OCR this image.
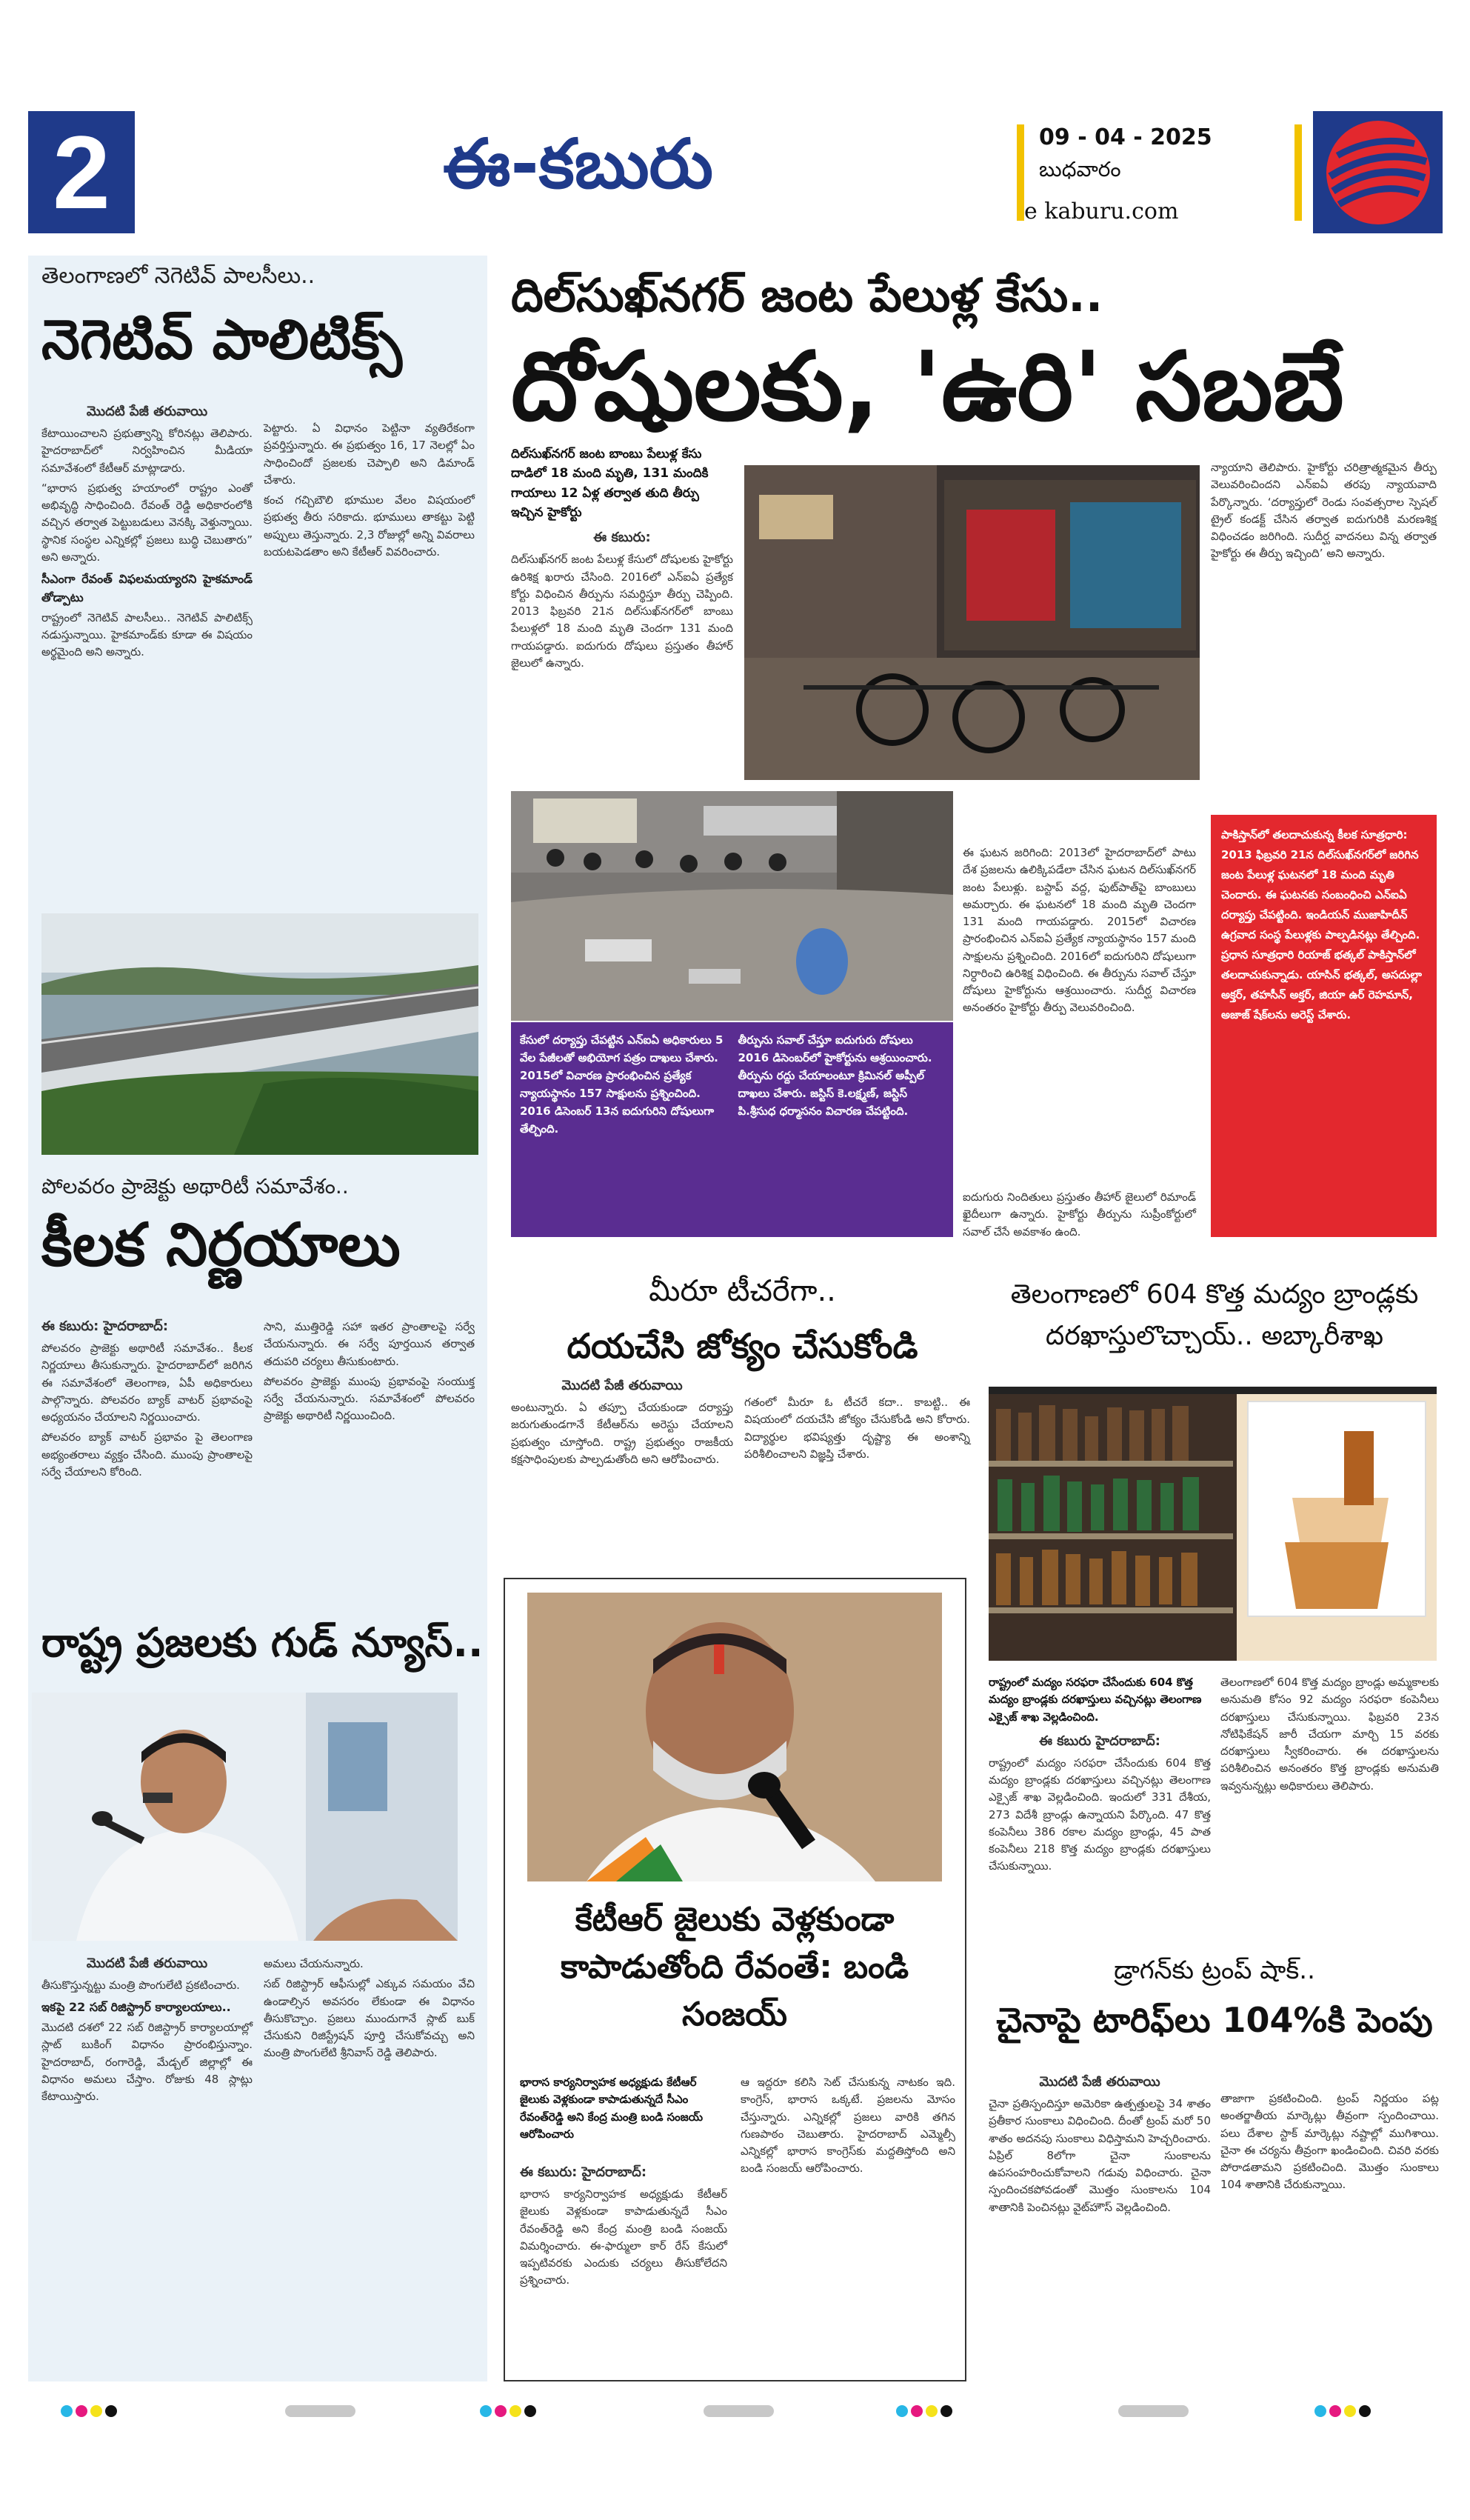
2	ఈ-కబురు	09 - 04 - 2025
బుధవారం
e kaburu.com
తెలంగాణలో నెగెటివ్ పాలసీలు..
నెగెటివ్ పాలిటిక్స్
మొదటి పేజీ తరువాయి

కేటాయించాలని ప్రభుత్వాన్ని కోరినట్లు తెలిపారు. హైదరాబాద్‌లో నిర్వహించిన మీడియా సమావేశంలో కేటీఆర్ మాట్లాడారు.

“భారాస ప్రభుత్వ హయాంలో రాష్ట్రం ఎంతో అభివృద్ధి సాధించింది. రేవంత్ రెడ్డి అధికారంలోకి వచ్చిన తర్వాత పెట్టుబడులు వెనక్కి వెళ్తున్నాయి. స్థానిక సంస్థల ఎన్నికల్లో ప్రజలు బుద్ధి చెబుతారు” అని అన్నారు.

సీఎంగా రేవంత్ విఫలమయ్యారని హైకమాండ్ తోడ్పాటు

రాష్ట్రంలో నెగెటివ్ పాలసీలు.. నెగెటివ్ పాలిటిక్స్ నడుస్తున్నాయి. హైకమాండ్‌కు కూడా ఈ విషయం అర్థమైంది అని అన్నారు.

పెట్టారు. ఏ విధానం పెట్టినా వ్యతిరేకంగా ప్రవర్తిస్తున్నారు. ఈ ప్రభుత్వం 16, 17 నెలల్లో ఏం సాధించిందో ప్రజలకు చెప్పాలి అని డిమాండ్ చేశారు.

కంచ గచ్చిబౌలి భూముల వేలం విషయంలో ప్రభుత్వ తీరు సరికాదు. భూములు తాకట్టు పెట్టి అప్పులు తెస్తున్నారు. 2,3 రోజుల్లో అన్ని వివరాలు బయటపెడతాం అని కేటీఆర్ వివరించారు.

పోలవరం ప్రాజెక్టు అథారిటీ సమావేశం..
కీలక నిర్ణయాలు
ఈ కబురు: హైదరాబాద్:

పోలవరం ప్రాజెక్టు అథారిటీ సమావేశం.. కీలక నిర్ణయాలు తీసుకున్నారు. హైదరాబాద్‌లో జరిగిన ఈ సమావేశంలో తెలంగాణ, ఏపీ అధికారులు పాల్గొన్నారు. పోలవరం బ్యాక్ వాటర్ ప్రభావంపై అధ్యయనం చేయాలని నిర్ణయించారు.

పోలవరం బ్యాక్ వాటర్ ప్రభావం పై తెలంగాణ అభ్యంతరాలు వ్యక్తం చేసింది. ముంపు ప్రాంతాలపై సర్వే చేయాలని కోరింది.

సాని, ముత్తిరెడ్డి సహా ఇతర ప్రాంతాలపై సర్వే చేయనున్నారు. ఈ సర్వే పూర్తయిన తర్వాత తదుపరి చర్యలు తీసుకుంటారు.

పోలవరం ప్రాజెక్టు ముంపు ప్రభావంపై సంయుక్త సర్వే చేయనున్నారు. సమావేశంలో పోలవరం ప్రాజెక్టు అథారిటీ నిర్ణయించింది.

రాష్ట్ర ప్రజలకు గుడ్ న్యూస్..
మొదటి పేజీ తరువాయి

తీసుకొస్తున్నట్టు మంత్రి పొంగులేటి ప్రకటించారు.

ఇకపై 22 సబ్ రిజిస్ట్రార్ కార్యాలయాలు..

మొదటి దశలో 22 సబ్ రిజిస్ట్రార్ కార్యాలయాల్లో స్లాట్ బుకింగ్ విధానం ప్రారంభిస్తున్నాం. హైదరాబాద్, రంగారెడ్డి, మేడ్చల్ జిల్లాల్లో ఈ విధానం అమలు చేస్తాం. రోజుకు 48 స్లాట్లు కేటాయిస్తారు.

అమలు చేయనున్నారు.

సబ్ రిజిస్ట్రార్ ఆఫీసుల్లో ఎక్కువ సమయం వేచి ఉండాల్సిన అవసరం లేకుండా ఈ విధానం తీసుకొచ్చాం. ప్రజలు ముందుగానే స్లాట్ బుక్ చేసుకుని రిజిస్ట్రేషన్ పూర్తి చేసుకోవచ్చు అని మంత్రి పొంగులేటి శ్రీనివాస్ రెడ్డి తెలిపారు.

దిల్‌సుఖ్‌నగర్ జంట పేలుళ్ల కేసు..
దోషులకు, 'ఉరి' సబబే
దిల్‌సుఖ్‌నగర్ జంట బాంబు పేలుళ్ల కేసు దాడిలో 18 మంది మృతి, 131 మందికి గాయాలు 12 ఏళ్ల తర్వాత తుది తీర్పు ఇచ్చిన హైకోర్టు
ఈ కబురు:
దిల్‌సుఖ్‌నగర్ జంట పేలుళ్ల కేసులో దోషులకు హైకోర్టు ఉరిశిక్ష ఖరారు చేసింది. 2016లో ఎన్ఐఏ ప్రత్యేక కోర్టు విధించిన తీర్పును సమర్థిస్తూ తీర్పు చెప్పింది. 2013 ఫిబ్రవరి 21న దిల్‌సుఖ్‌నగర్‌లో బాంబు పేలుళ్లలో 18 మంది మృతి చెందగా 131 మంది గాయపడ్డారు. ఐదుగురు దోషులు ప్రస్తుతం తీహార్ జైలులో ఉన్నారు.
న్యాయాని తెలిపారు. హైకోర్టు చరిత్రాత్మకమైన తీర్పు వెలువరించిందని ఎన్ఐఏ తరపు న్యాయవాది పేర్కొన్నారు. ‘దర్యాప్తులో రెండు సంవత్సరాల స్పెషల్ ట్రైల్ కండక్ట్ చేసిన తర్వాత ఐదుగురికి మరణశిక్ష విధించడం జరిగింది. సుదీర్ఘ వాదనలు విన్న తర్వాత హైకోర్టు ఈ తీర్పు ఇచ్చింది’ అని అన్నారు.
ఈ ఘటన జరిగింది: 2013లో హైదరాబాద్‌లో పాటు దేశ ప్రజలను ఉలిక్కిపడేలా చేసిన ఘటన దిల్‌సుఖ్‌నగర్ జంట పేలుళ్లు. బస్టాప్ వద్ద, ఫుట్‌పాత్‌పై బాంబులు అమర్చారు. ఈ ఘటనలో 18 మంది మృతి చెందగా 131 మంది గాయపడ్డారు. 2015లో విచారణ ప్రారంభించిన ఎన్ఐఏ ప్రత్యేక న్యాయస్థానం 157 మంది సాక్షులను ప్రశ్నించింది. 2016లో ఐదుగురిని దోషులుగా నిర్ధారించి ఉరిశిక్ష విధించింది. ఈ తీర్పును సవాల్ చేస్తూ దోషులు హైకోర్టును ఆశ్రయించారు. సుదీర్ఘ విచారణ అనంతరం హైకోర్టు తీర్పు వెలువరించింది.
కేసులో దర్యాప్తు చేపట్టిన ఎన్ఐఏ అధికారులు 5 వేల పేజీలతో అభియోగ పత్రం దాఖలు చేశారు. 2015లో విచారణ ప్రారంభించిన ప్రత్యేక న్యాయస్థానం 157 సాక్షులను ప్రశ్నించింది. 2016 డిసెంబర్ 13న ఐదుగురిని దోషులుగా తేల్చింది.
తీర్పును సవాల్ చేస్తూ ఐదుగురు దోషులు 2016 డిసెంబర్‌లో హైకోర్టును ఆశ్రయించారు. తీర్పును రద్దు చేయాలంటూ క్రిమినల్ అప్పీల్ దాఖలు చేశారు. జస్టిస్ కె.లక్ష్మణ్, జస్టిస్ పి.శ్రీసుధ ధర్మాసనం విచారణ చేపట్టింది.
ఐదుగురు నిందితులు ప్రస్తుతం తీహార్ జైలులో రిమాండ్ ఖైదీలుగా ఉన్నారు. హైకోర్టు తీర్పును సుప్రీంకోర్టులో సవాల్ చేసే అవకాశం ఉంది.
పాకిస్తాన్‌లో తలదాచుకున్న కీలక సూత్రధారి: 2013 ఫిబ్రవరి 21న దిల్‌సుఖ్‌నగర్‌లో జరిగిన జంట పేలుళ్ల ఘటనలో 18 మంది మృతి చెందారు. ఈ ఘటనకు సంబంధించి ఎన్ఐఏ దర్యాప్తు చేపట్టింది. ఇండియన్ ముజాహిదీన్ ఉగ్రవాద సంస్థ పేలుళ్లకు పాల్పడినట్లు తేల్చింది. ప్రధాన సూత్రధారి రియాజ్ భత్కల్ పాకిస్తాన్‌లో తలదాచుకున్నాడు. యాసిన్ భత్కల్, అసదుల్లా అక్తర్, తహసీన్ అక్తర్, జియా ఉర్ రెహమాన్, అజాజ్ షేక్‌లను అరెస్ట్ చేశారు.
మీరూ టీచరేగా..
దయచేసి జోక్యం చేసుకోండి
మొదటి పేజీ తరువాయి
అంటున్నారు. ఏ తప్పూ చేయకుండా దర్యాప్తు జరుగుతుండగానే కేటీఆర్‌ను అరెస్టు చేయాలని ప్రభుత్వం చూస్తోంది. రాష్ట్ర ప్రభుత్వం రాజకీయ కక్షసాధింపులకు పాల్పడుతోంది అని ఆరోపించారు.
గతంలో మీరూ ఓ టీచరే కదా.. కాబట్టి.. ఈ విషయంలో దయచేసి జోక్యం చేసుకోండి అని కోరారు. విద్యార్థుల భవిష్యత్తు దృష్ట్యా ఈ అంశాన్ని పరిశీలించాలని విజ్ఞప్తి చేశారు.
కేటీఆర్ జైలుకు వెళ్లకుండా కాపాడుతోంది రేవంతే: బండి సంజయ్
భారాస కార్యనిర్వాహక అధ్యక్షుడు కేటీఆర్ జైలుకు వెళ్లకుండా కాపాడుతున్నదే సీఎం రేవంత్‌రెడ్డి అని కేంద్ర మంత్రి బండి సంజయ్ ఆరోపించారు
ఈ కబురు: హైదరాబాద్:
భారాస కార్యనిర్వాహక అధ్యక్షుడు కేటీఆర్ జైలుకు వెళ్లకుండా కాపాడుతున్నదే సీఎం రేవంత్‌రెడ్డి అని కేంద్ర మంత్రి బండి సంజయ్ విమర్శించారు. ఈ-ఫార్ములా కార్ రేస్ కేసులో ఇప్పటివరకు ఎందుకు చర్యలు తీసుకోలేదని ప్రశ్నించారు.
ఆ ఇద్దరూ కలిసి సెట్ చేసుకున్న నాటకం ఇది. కాంగ్రెస్, భారాస ఒక్కటే. ప్రజలను మోసం చేస్తున్నారు. ఎన్నికల్లో ప్రజలు వారికి తగిన గుణపాఠం చెబుతారు. హైదరాబాద్ ఎమ్మెల్సీ ఎన్నికల్లో భారాస కాంగ్రెస్‌కు మద్దతిస్తోంది అని బండి సంజయ్ ఆరోపించారు.
తెలంగాణలో 604 కొత్త మద్యం బ్రాండ్లకు దరఖాస్తులొచ్చాయ్.. అబ్కారీశాఖ
రాష్ట్రంలో మద్యం సరఫరా చేసేందుకు 604 కొత్త మద్యం బ్రాండ్లకు దరఖాస్తులు వచ్చినట్లు తెలంగాణ ఎక్సైజ్ శాఖ వెల్లడించింది.
ఈ కబురు హైదరాబాద్:
రాష్ట్రంలో మద్యం సరఫరా చేసేందుకు 604 కొత్త మద్యం బ్రాండ్లకు దరఖాస్తులు వచ్చినట్లు తెలంగాణ ఎక్సైజ్ శాఖ వెల్లడించింది. ఇందులో 331 దేశీయ, 273 విదేశీ బ్రాండ్లు ఉన్నాయని పేర్కొంది. 47 కొత్త కంపెనీలు 386 రకాల మద్యం బ్రాండ్లు, 45 పాత కంపెనీలు 218 కొత్త మద్యం బ్రాండ్లకు దరఖాస్తులు చేసుకున్నాయి.
తెలంగాణలో 604 కొత్త మద్యం బ్రాండ్లు అమ్మకాలకు అనుమతి కోసం 92 మద్యం సరఫరా కంపెనీలు దరఖాస్తులు చేసుకున్నాయి. ఫిబ్రవరి 23న నోటిఫికేషన్ జారీ చేయగా మార్చి 15 వరకు దరఖాస్తులు స్వీకరించారు. ఈ దరఖాస్తులను పరిశీలించిన అనంతరం కొత్త బ్రాండ్లకు అనుమతి ఇవ్వనున్నట్లు అధికారులు తెలిపారు.
డ్రాగన్‌కు ట్రంప్ షాక్..
చైనాపై టారిఫ్‌లు 104%కి పెంపు
మొదటి పేజీ తరువాయి
చైనా ప్రతిస్పందిస్తూ అమెరికా ఉత్పత్తులపై 34 శాతం ప్రతీకార సుంకాలు విధించింది. దీంతో ట్రంప్ మరో 50 శాతం అదనపు సుంకాలు విధిస్తామని హెచ్చరించారు. ఏప్రిల్ 8లోగా చైనా సుంకాలను ఉపసంహరించుకోవాలని గడువు విధించారు. చైనా స్పందించకపోవడంతో మొత్తం సుంకాలను 104 శాతానికి పెంచినట్లు వైట్‌హౌస్ వెల్లడించింది.
తాజాగా ప్రకటించింది. ట్రంప్ నిర్ణయం పట్ల అంతర్జాతీయ మార్కెట్లు తీవ్రంగా స్పందించాయి. పలు దేశాల స్టాక్ మార్కెట్లు నష్టాల్లో ముగిశాయి. చైనా ఈ చర్యను తీవ్రంగా ఖండించింది. చివరి వరకు పోరాడతామని ప్రకటించింది. మొత్తం సుంకాలు 104 శాతానికి చేరుకున్నాయి.
